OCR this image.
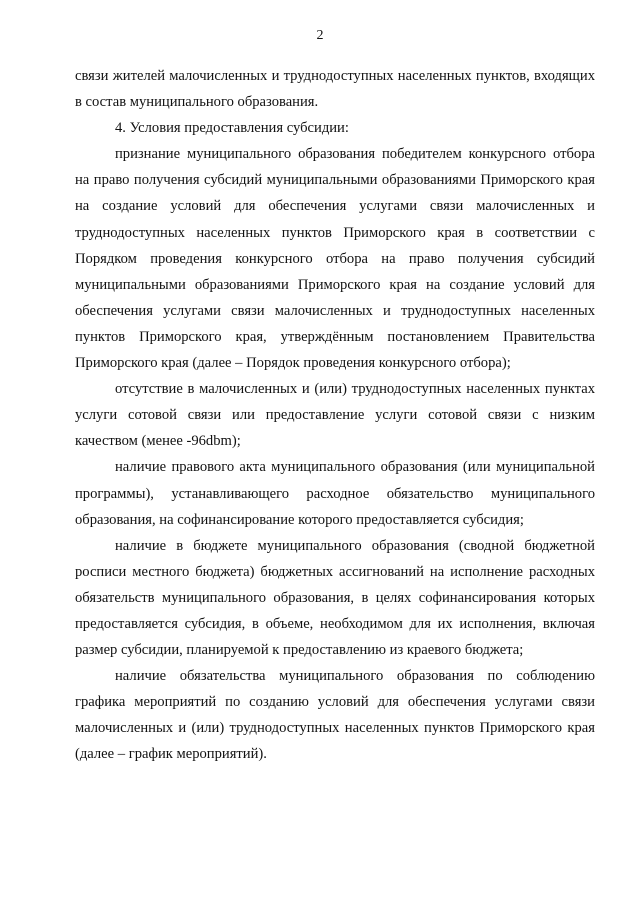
2

связи жителей малочисленных и труднодоступных населенных пунктов, входящих в состав муниципального образования.

4. Условия предоставления субсидии:

признание муниципального образования победителем конкурсного отбора на право получения субсидий муниципальными образованиями Приморского края на создание условий для обеспечения услугами связи малочисленных и труднодоступных населенных пунктов Приморского края в соответствии с Порядком проведения конкурсного отбора на право получения субсидий муниципальными образованиями Приморского края на создание условий для обеспечения услугами связи малочисленных и труднодоступных населенных пунктов Приморского края, утверждённым постановлением Правительства Приморского края (далее – Порядок проведения конкурсного отбора);

отсутствие в малочисленных и (или) труднодоступных населенных пунктах услуги сотовой связи или предоставление услуги сотовой связи с низким качеством (менее -96dbm);

наличие правового акта муниципального образования (или муниципальной программы), устанавливающего расходное обязательство муниципального образования, на софинансирование которого предоставляется субсидия;

наличие в бюджете муниципального образования (сводной бюджетной росписи местного бюджета) бюджетных ассигнований на исполнение расходных обязательств муниципального образования, в целях софинансирования которых предоставляется субсидия, в объеме, необходимом для их исполнения, включая размер субсидии, планируемой к предоставлению из краевого бюджета;

наличие обязательства муниципального образования по соблюдению графика мероприятий по созданию условий для обеспечения услугами связи малочисленных и (или) труднодоступных населенных пунктов Приморского края (далее – график мероприятий).
